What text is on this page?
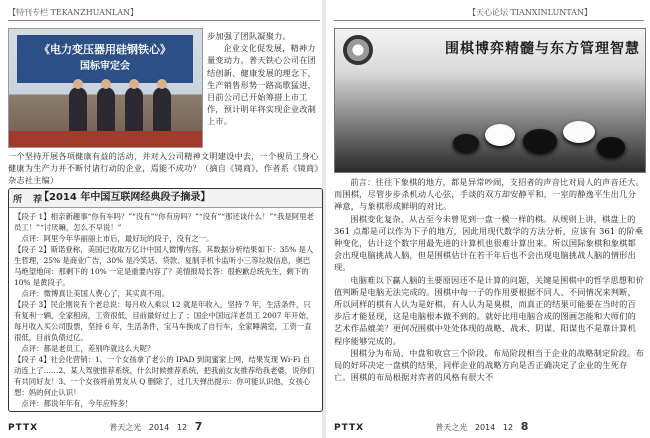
【特刊专栏 TEKANZHUANLAN】
《电力变压器用硅钢铁心》
国标审定会

步加强了团队凝聚力。

企业文化促发展，精神力量变动力。普天铁心公司在团结创新、健康发展的理念下，生产销售形势一路高歌猛进，目前公司已开始筹措上市工作，预计明年将实现企业改制上市。

一个坚持开展各项健康有益的活动，并对入公司精神文明建设中去，一个视员工身心健康为生产力并不断付诸行动的企业，焉能不成功？（摘自《镜商》，作者系《镜商》杂志社主编）

所 荐
【2014 年中国互联网经典段子摘录】

【段子 1】相亲新趣事“你有车吗？”“没有”“你有房吗？”“没有”“那还谈什么！”“我是阿里老员工！”“讨厌嘛，怎么不早说！”

点评：阿里今年华丽丽上市后，最好玩的段子，没有之一。

【段子 2】斯诺登称，美国已收取万亿计中国人微博内容。其数据分析结果如下：35% 是人生哲理，25% 是商业广告，30% 是冷笑话、贷款、复制手机卡监听小三等垃圾信息，奥巴马绝望地问：那剩下的 10% 一定是重要内容了？美情报局长答：很抱歉总统先生，剩下的 10% 是黄段子。

点评：微博真让美国人费心了，其实真不用。

【段子 3】民企刚说有个老总说：每月收入乘以 12 就是年收入，坚持 7 年，生活条件，只有复利一辆，全家租房，工资很低，目前最好过上了 ；国企中国远洋老员工 2007 年开始，每月收入买公司股票，坚持 6 年，生活条件，宝马车换成了自行车，全家睡满室，工资一直很低，目前负债过亿。

点评：都是老员工，差别咋就这么大呢？

【段子 4】社会化营销：1、一个女孩拿了老公的 IPAD 到闺蜜家上网，结果发现 Wi-Fi 自动连上了……2、某人驾驶推荐系统，什么时候推荐系统，把我前女友推荐给我老婆，说你们有共同好友！3、一个女孩将前男友从 Q 删除了，过几天弹出提示：你可能认识他，女孩心想：妈的何止认识！

点评：都说年年有，今年应特多！

PTTX	普天之光 2014 12 7
【天心论坛 TIANXINLUNTAN】
围棋博弈精髓与东方管理智慧

前言：往往下象棋的地方，都是异常吵闹，支招者的声音比对局人的声音还大。而围棋，尽管步步杀机动人心弦，手谈的双方却安静平和，一室的静逸平生出几分禅意，与象棋形成鲜明的对比。

围棋变化复杂，从古至今未曾见到一盘一模一样的棋。从规则上讲，棋盘上的 361 点都是可以作为下子的地方，因此用现代数学的方法分析，应该有 361 的阶乘种变化，估计这个数字用最先进的计算机也很难计算出来。所以国际象棋和象棋都会出现电脑挑战人脑，但是围棋估计在若干年后也不会出现电脑挑战人脑的情形出现。

电脑难以下赢人脑的主要原因还不是计算的问题，关键是围棋中的哲学思想和价值判断是电脑无法完成的。围棋中每一子的作用要根据不同人、不同情况来判断，所以同样的棋有人认为是好棋，有人认为是臭棋，而真正的结果可能要在当时的百步后才能显现，这是电脑根本做不到的。就好比用电脑合成的图画怎能和大师们的艺术作品媲美？更何况围棋中处处体现的战略、战术、阴谋、阳谋也不是靠计算机程序能够完成的。

围棋分为布局、中盘和收官三个阶段。布局阶段相当于企业的战略制定阶段。布局的好坏决定一盘棋的结果，同样企业的战略方向是否正确决定了企业的生死存亡。围棋的布局根据对弈者的风格有很大不

PTTX	普天之光 2014 12 8
